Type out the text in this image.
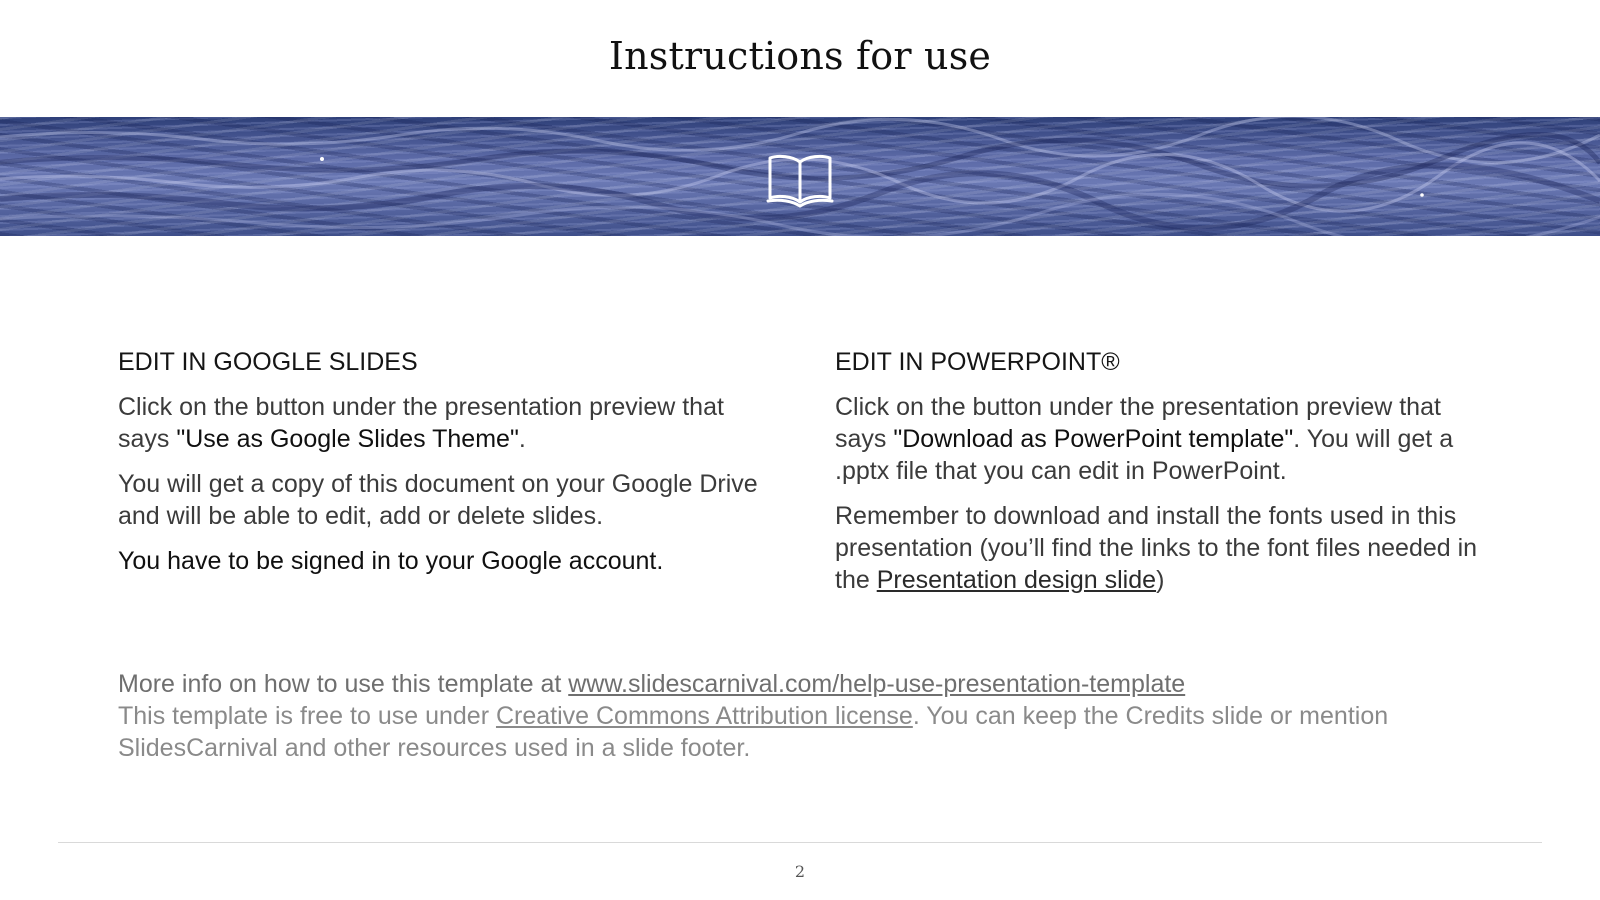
Instructions for use
EDIT IN GOOGLE SLIDES
Click on the button under the presentation preview that says "Use as Google Slides Theme".
You will get a copy of this document on your Google Drive and will be able to edit, add or delete slides.
You have to be signed in to your Google account.
EDIT IN POWERPOINT®
Click on the button under the presentation preview that says "Download as PowerPoint template". You will get a .pptx file that you can edit in PowerPoint.
Remember to download and install the fonts used in this presentation (you’ll find the links to the font files needed in the Presentation design slide)
More info on how to use this template at www.slidescarnival.com/help-use-presentation-template
This template is free to use under Creative Commons Attribution license. You can keep the Credits slide or mention SlidesCarnival and other resources used in a slide footer.
2
